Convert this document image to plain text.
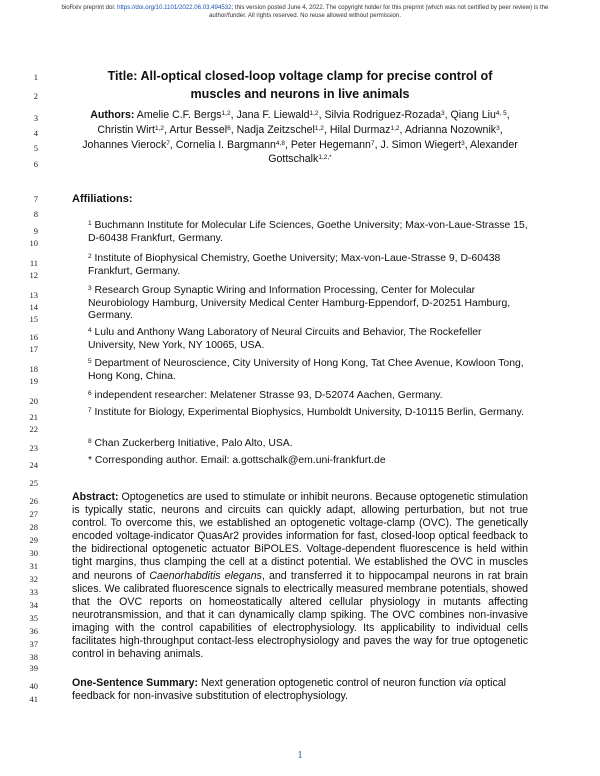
bioRxiv preprint doi: https://doi.org/10.1101/2022.06.03.494532; this version posted June 4, 2022. The copyright holder for this preprint (which was not certified by peer review) is the author/funder. All rights reserved. No reuse allowed without permission.
1
2
3
4
5
6
7
8
9
10
11
12
13
14
15
16
17
18
19
20
21
22
23
24
25
26
27
28
29
30
31
32
33
34
35
36
37
38
39
40
41
Title: All-optical closed-loop voltage clamp for precise control of
muscles and neurons in live animals
Authors: Amelie C.F. Bergs$^{1,2}$, Jana F. Liewald$^{1,2}$, Silvia Rodriguez-Rozada$^3$, Qiang Liu$^{4, 5}$, Christin Wirt$^{1,2}$, Artur Bessel$^6$, Nadja Zeitzschel$^{1,2}$, Hilal Durmaz$^{1,2}$, Adrianna Nozownik$^3$, Johannes Vierock$^7$, Cornelia I. Bargmann$^{4,8}$, Peter Hegemann$^7$, J. Simon Wiegert$^3$, Alexander Gottschalk$^{1,2,*}$
Affiliations:
$^1$ Buchmann Institute for Molecular Life Sciences, Goethe University; Max-von-Laue-Strasse 15, D-60438 Frankfurt, Germany.
$^2$ Institute of Biophysical Chemistry, Goethe University; Max-von-Laue-Strasse 9, D-60438 Frankfurt, Germany.
$^3$ Research Group Synaptic Wiring and Information Processing, Center for Molecular Neurobiology Hamburg, University Medical Center Hamburg-Eppendorf, D-20251 Hamburg, Germany.
$^4$ Lulu and Anthony Wang Laboratory of Neural Circuits and Behavior, The Rockefeller University, New York, NY 10065, USA.
$^5$ Department of Neuroscience, City University of Hong Kong, Tat Chee Avenue, Kowloon Tong, Hong Kong, China.
$^6$ independent researcher: Melatener Strasse 93, D-52074 Aachen, Germany.
$^7$ Institute for Biology, Experimental Biophysics, Humboldt University, D-10115 Berlin, Germany.
$^8$ Chan Zuckerberg Initiative, Palo Alto, USA.
* Corresponding author. Email: a.gottschalk@em.uni-frankfurt.de
Abstract: Optogenetics are used to stimulate or inhibit neurons. Because optogenetic stimulation is typically static, neurons and circuits can quickly adapt, allowing perturbation, but not true control. To overcome this, we established an optogenetic voltage-clamp (OVC). The genetically encoded voltage-indicator QuasAr2 provides information for fast, closed-loop optical feedback to the bidirectional optogenetic actuator BiPOLES. Voltage-dependent fluorescence is held within tight margins, thus clamping the cell at a distinct potential. We established the OVC in muscles and neurons of Caenorhabditis elegans, and transferred it to hippocampal neurons in rat brain slices. We calibrated fluorescence signals to electrically measured membrane potentials, showed that the OVC reports on homeostatically altered cellular physiology in mutants affecting neurotransmission, and that it can dynamically clamp spiking. The OVC combines non-invasive imaging with the control capabilities of electrophysiology. Its applicability to individual cells facilitates high-throughput contact-less electrophysiology and paves the way for true optogenetic control in behaving animals.
One-Sentence Summary: Next generation optogenetic control of neuron function via optical feedback for non-invasive substitution of electrophysiology.
1
